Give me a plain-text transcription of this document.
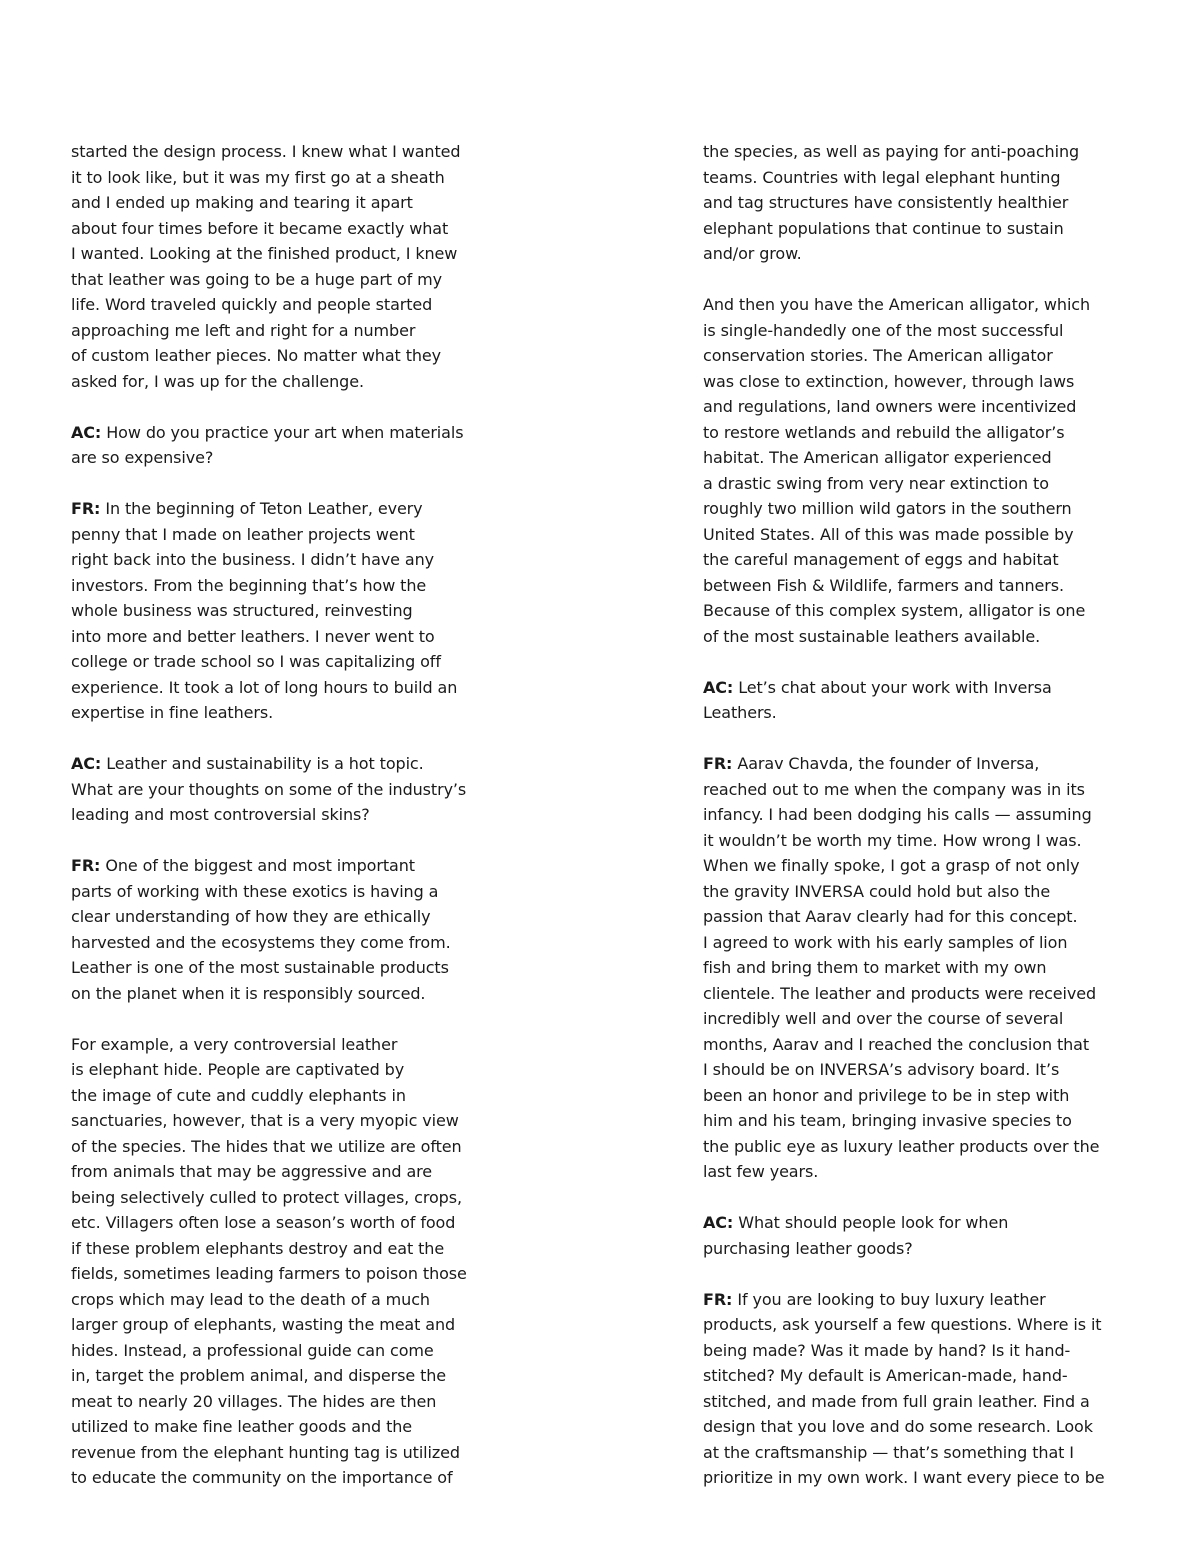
started the design process. I knew what I wanted
it to look like, but it was my first go at a sheath
and I ended up making and tearing it apart
about four times before it became exactly what
I wanted. Looking at the finished product, I knew
that leather was going to be a huge part of my
life. Word traveled quickly and people started
approaching me left and right for a number
of custom leather pieces. No matter what they
asked for, I was up for the challenge.
AC: How do you practice your art when materials
are so expensive?
FR: In the beginning of Teton Leather, every
penny that I made on leather projects went
right back into the business. I didn’t have any
investors. From the beginning that’s how the
whole business was structured, reinvesting
into more and better leathers. I never went to
college or trade school so I was capitalizing off
experience. It took a lot of long hours to build an
expertise in fine leathers.
AC: Leather and sustainability is a hot topic.
What are your thoughts on some of the industry’s
leading and most controversial skins?
FR: One of the biggest and most important
parts of working with these exotics is having a
clear understanding of how they are ethically
harvested and the ecosystems they come from.
Leather is one of the most sustainable products
on the planet when it is responsibly sourced.
For example, a very controversial leather
is elephant hide. People are captivated by
the image of cute and cuddly elephants in
sanctuaries, however, that is a very myopic view
of the species. The hides that we utilize are often
from animals that may be aggressive and are
being selectively culled to protect villages, crops,
etc. Villagers often lose a season’s worth of food
if these problem elephants destroy and eat the
fields, sometimes leading farmers to poison those
crops which may lead to the death of a much
larger group of elephants, wasting the meat and
hides. Instead, a professional guide can come
in, target the problem animal, and disperse the
meat to nearly 20 villages. The hides are then
utilized to make fine leather goods and the
revenue from the elephant hunting tag is utilized
to educate the community on the importance of
the species, as well as paying for anti-poaching
teams. Countries with legal elephant hunting
and tag structures have consistently healthier
elephant populations that continue to sustain
and/or grow.
And then you have the American alligator, which
is single-handedly one of the most successful
conservation stories. The American alligator
was close to extinction, however, through laws
and regulations, land owners were incentivized
to restore wetlands and rebuild the alligator’s
habitat. The American alligator experienced
a drastic swing from very near extinction to
roughly two million wild gators in the southern
United States. All of this was made possible by
the careful management of eggs and habitat
between Fish & Wildlife, farmers and tanners.
Because of this complex system, alligator is one
of the most sustainable leathers available.
AC: Let’s chat about your work with Inversa
Leathers.
FR: Aarav Chavda, the founder of Inversa,
reached out to me when the company was in its
infancy. I had been dodging his calls — assuming
it wouldn’t be worth my time. How wrong I was.
When we finally spoke, I got a grasp of not only
the gravity INVERSA could hold but also the
passion that Aarav clearly had for this concept.
I agreed to work with his early samples of lion
fish and bring them to market with my own
clientele. The leather and products were received
incredibly well and over the course of several
months, Aarav and I reached the conclusion that
I should be on INVERSA’s advisory board. It’s
been an honor and privilege to be in step with
him and his team, bringing invasive species to
the public eye as luxury leather products over the
last few years.
AC: What should people look for when
purchasing leather goods?
FR: If you are looking to buy luxury leather
products, ask yourself a few questions. Where is it
being made? Was it made by hand? Is it hand-
stitched? My default is American-made, hand-
stitched, and made from full grain leather. Find a
design that you love and do some research. Look
at the craftsmanship — that’s something that I
prioritize in my own work. I want every piece to be
